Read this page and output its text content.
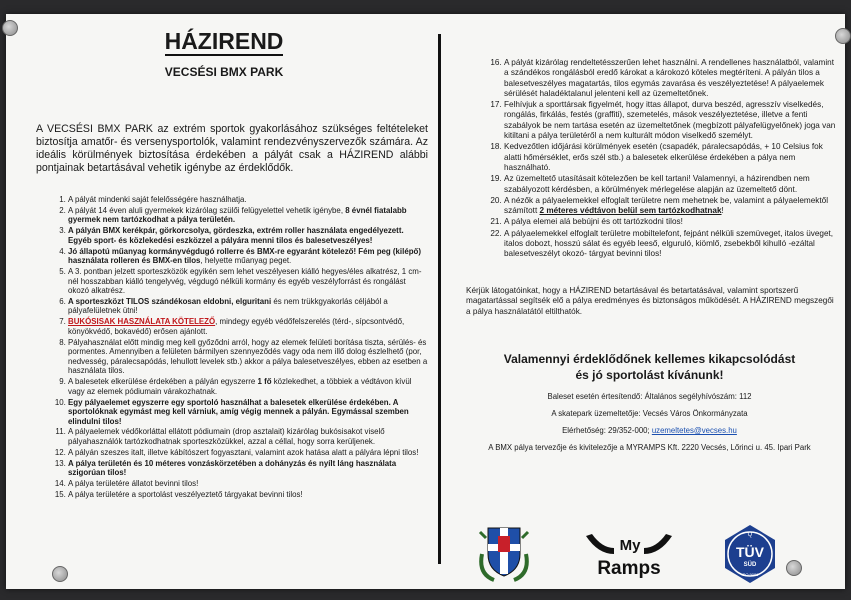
HÁZIREND
VECSÉSI BMX PARK
A VECSÉSI BMX PARK az extrém sportok gyakorlásához szükséges feltételeket biztosítja amatőr- és versenysportolók, valamint rendezvényszervezők számára. Az ideális körülmények biztosítása érdekében a pályát csak a HÁZIREND alábbi pontjainak betartásával vehetik igénybe az érdeklődők.
1. A pályát mindenki saját felelősségére használhatja.
2. A pályát 14 éven aluli gyermekek kizárólag szülői felügyelettel vehetik igénybe, 8 évnél fiatalabb gyermek nem tartózkodhat a pálya területén.
3. A pályán BMX kerékpár, görkorcsolya, gördeszka, extrém roller használata engedélyezett. Egyéb sport- és közlekedési eszközzel a pályára menni tilos és balesetveszélyes!
4. Jó állapotú műanyag kormányvégdugó rollerre és BMX-re egyaránt kötelező! Fém peg (kilépő) használata rolleren és BMX-en tilos, helyette műanyag peget.
5. A 3. pontban jelzett sporteszközök egyikén sem lehet veszélyesen kiálló hegyes/éles alkatrész, 1 cm-nél hosszabban kiálló tengelyvég, végdugó nélküli kormány és egyéb veszélyforrást és rongálást okozó alkatrész.
6. A sporteszközt TILOS szándékosan eldobni, elguritani és nem trükkgyakorlás céljából a pályafelületnek ütni!
7. BUKÓSISAK HASZNÁLATA KÖTELEZŐ, mindegy egyéb védőfelszerelés (térd-, sípcsontvédő, könyökvédő, bokavédő) erősen ajánlott.
8. Pályahasználat előtt mindig meg kell győződni arról, hogy az elemek felületi borítása tiszta, sérülés- és pormentes. Amennyiben a felületen bármilyen szennyeződés vagy oda nem illő dolog észlelhető (por, nedvesség, páralecsapódás, lehullott levelek stb.) akkor a pálya balesetveszélyes, ebben az esetben a használata tilos.
9. A balesetek elkerülése érdekében a pályán egyszerre 1 fő közlekedhet, a többiek a védtávon kívül vagy az elemek pódiumain várakozhatnak.
10. Egy pályaelemet egyszerre egy sportoló használhat a balesetek elkerülése érdekében. A sportolóknak egymást meg kell várniuk, amíg végig mennek a pályán. Egymással szemben elindulni tilos!
11. A pályaelemek védőkorláttal ellátott pódiumain (drop asztalait) kizárólag bukósisakot viselő pályahasználók tartózkodhatnak sporteszközükkel, azzal a céllal, hogy sorra kerüljenek.
12. A pályán szeszes italt, illetve kábítószert fogyasztani, valamint azok hatása alatt a pályára lépni tilos!
13. A pálya területén és 10 méteres vonzáskörzetében a dohányzás és nyílt láng használata szigorúan tilos!
14. A pálya területére állatot bevinni tilos!
15. A pálya területére a sportolást veszélyeztető tárgyakat bevinni tilos!
16. A pályát kizárólag rendeltetésszerűen lehet használni. A rendellenes használatból, valamint a szándékos rongálásból eredő károkat a károkozó köteles megtéríteni. A pályán tilos a balesetveszélyes magatartás, tilos egymás zavarása és veszélyeztetése! A pályaelemek sérülését haladéktalanul jelenteni kell az üzemeltetőnek.
17. Felhívjuk a sporttársak figyelmét, hogy ittas állapot, durva beszéd, agresszív viselkedés, rongálás, firkálás, festés (graffiti), szemetelés, mások veszélyeztetése, illetve a fenti szabályok be nem tartása esetén az üzemeltetőnek (megbízott pályafelügyelőnek) joga van kitiltani a pálya területéről a nem kulturált módon viselkedő személyt.
18. Kedvezőtlen időjárási körülmények esetén (csapadék, páralecsapódás, + 10 Celsius fok alatti hőmérséklet, erős szél stb.) a balesetek elkerülése érdekében a pálya nem használható.
19. Az üzemeltető utasításait kötelezően be kell tartani! Valamennyi, a házirendben nem szabályozott kérdésben, a körülmények mérlegelése alapján az üzemeltető dönt.
20. A nézők a pályaelemekkel elfoglalt területre nem mehetnek be, valamint a pályaelemektől számított 2 méteres védtávon belül sem tartózkodhatnak!
21. A pálya elemei alá bebújni és ott tartózkodni tilos!
22. A pályaelemekkel elfoglalt területre mobiltelefont, fejpánt nélküli szemüveget, italos üveget, italos dobozt, hosszú sálat és egyéb leeső, elguruló, kiömlő, zsebekből kihulló -ezáltal balesetveszélyt okozó- tárgyat bevinni tilos!
Kérjük látogatóinkat, hogy a HÁZIREND betartásával és betartatásával, valamint sportszerű magatartással segítsék elő a pálya eredményes és biztonságos működését. A HÁZIREND megszegői a pálya használatától eltilthatók.
Valamennyi érdeklődőnek kellemes kikapcsolódást
és jó sportolást kívánunk!

Baleset esetén értesítendő: Általános segélyhívószám: 112

A skatepark üzemeltetője: Vecsés Város Önkormányzata

Elérhetőség: 29/352-000; uzemeltetes@vecses.hu

A BMX pálya tervezője és kivitelezője a MYRAMPS Kft. 2220 Vecsés, Lőrinci u. 45. Ipari Park

My
Ramps
Q
TÜV
SÜD
ISO 9001
